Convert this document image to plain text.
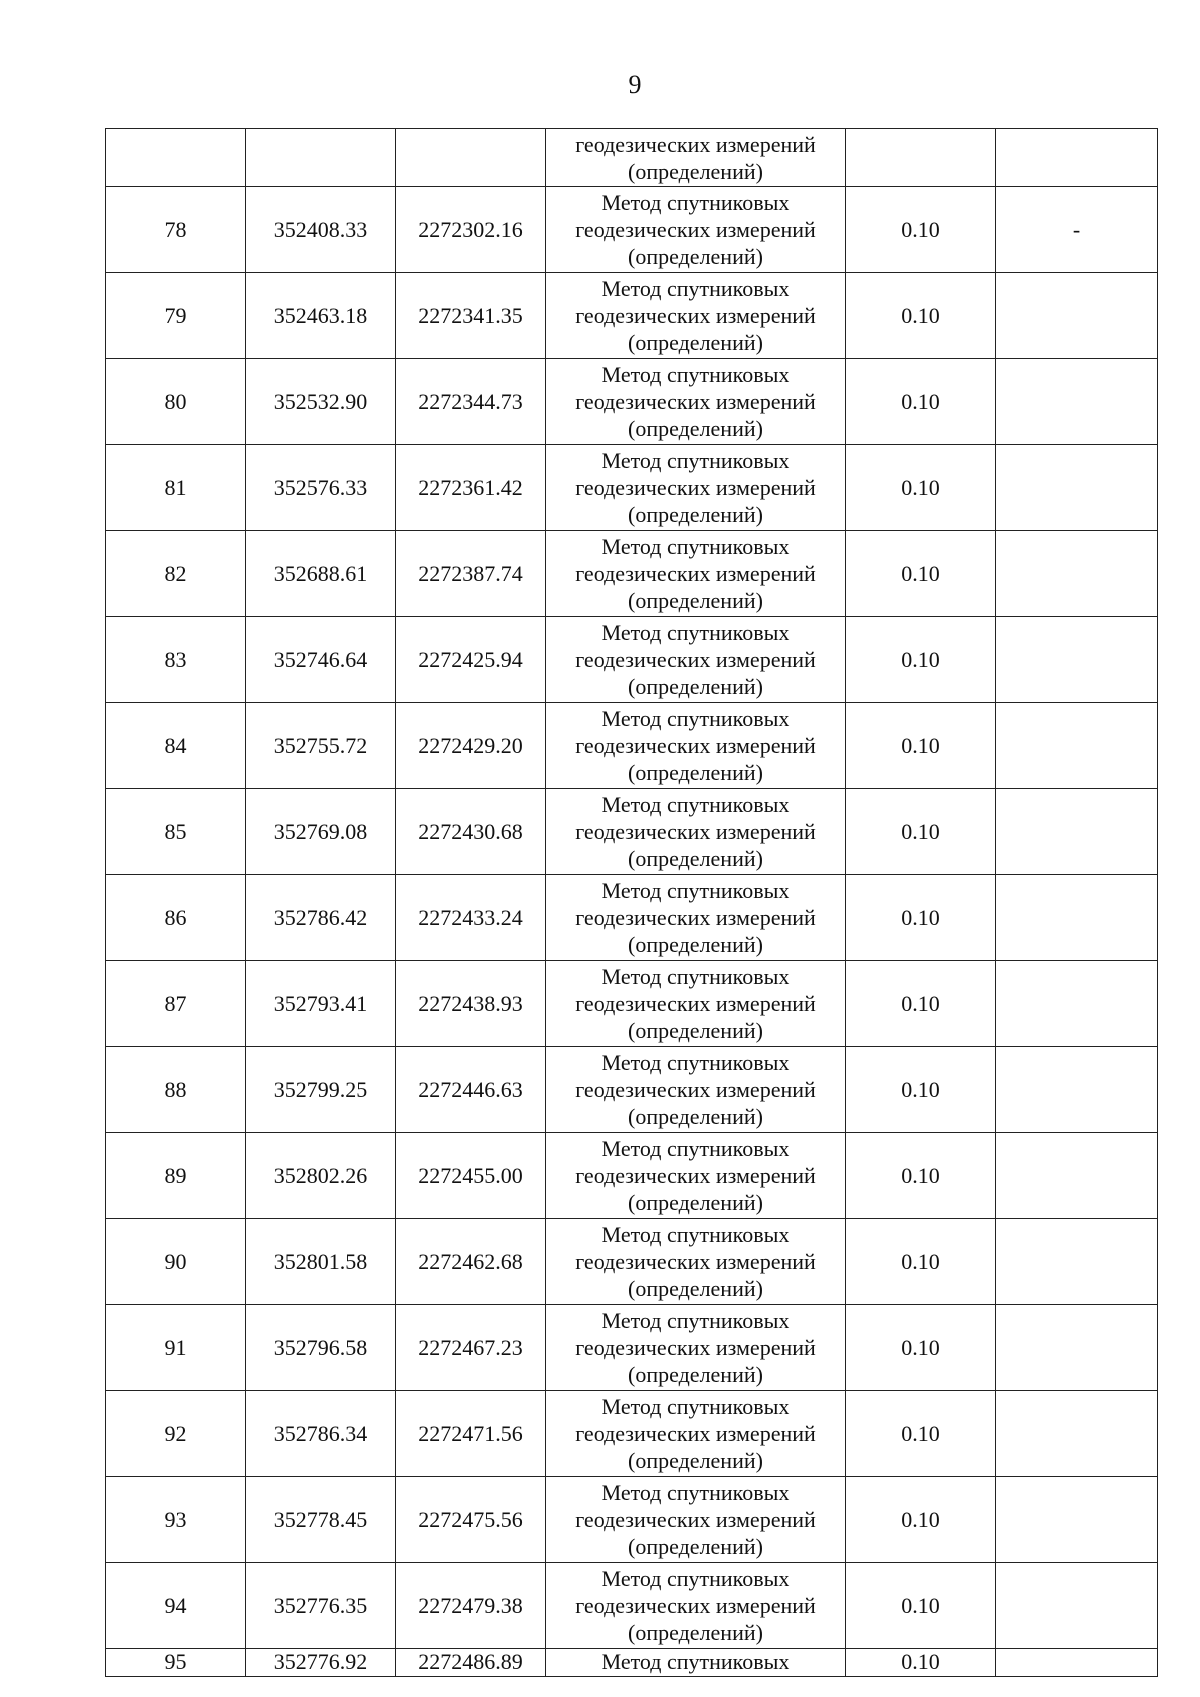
9

			геодезических измерений
(определений)		

78	352408.33	2272302.16	Метод спутниковых
геодезических измерений
(определений)	0.10	-
79	352463.18	2272341.35	Метод спутниковых
геодезических измерений
(определений)	0.10	
80	352532.90	2272344.73	Метод спутниковых
геодезических измерений
(определений)	0.10	
81	352576.33	2272361.42	Метод спутниковых
геодезических измерений
(определений)	0.10	
82	352688.61	2272387.74	Метод спутниковых
геодезических измерений
(определений)	0.10	
83	352746.64	2272425.94	Метод спутниковых
геодезических измерений
(определений)	0.10	
84	352755.72	2272429.20	Метод спутниковых
геодезических измерений
(определений)	0.10	
85	352769.08	2272430.68	Метод спутниковых
геодезических измерений
(определений)	0.10	
86	352786.42	2272433.24	Метод спутниковых
геодезических измерений
(определений)	0.10	
87	352793.41	2272438.93	Метод спутниковых
геодезических измерений
(определений)	0.10	
88	352799.25	2272446.63	Метод спутниковых
геодезических измерений
(определений)	0.10	
89	352802.26	2272455.00	Метод спутниковых
геодезических измерений
(определений)	0.10	
90	352801.58	2272462.68	Метод спутниковых
геодезических измерений
(определений)	0.10	
91	352796.58	2272467.23	Метод спутниковых
геодезических измерений
(определений)	0.10	
92	352786.34	2272471.56	Метод спутниковых
геодезических измерений
(определений)	0.10	
93	352778.45	2272475.56	Метод спутниковых
геодезических измерений
(определений)	0.10	
94	352776.35	2272479.38	Метод спутниковых
геодезических измерений
(определений)	0.10	
95	352776.92	2272486.89	Метод спутниковых	0.10	
